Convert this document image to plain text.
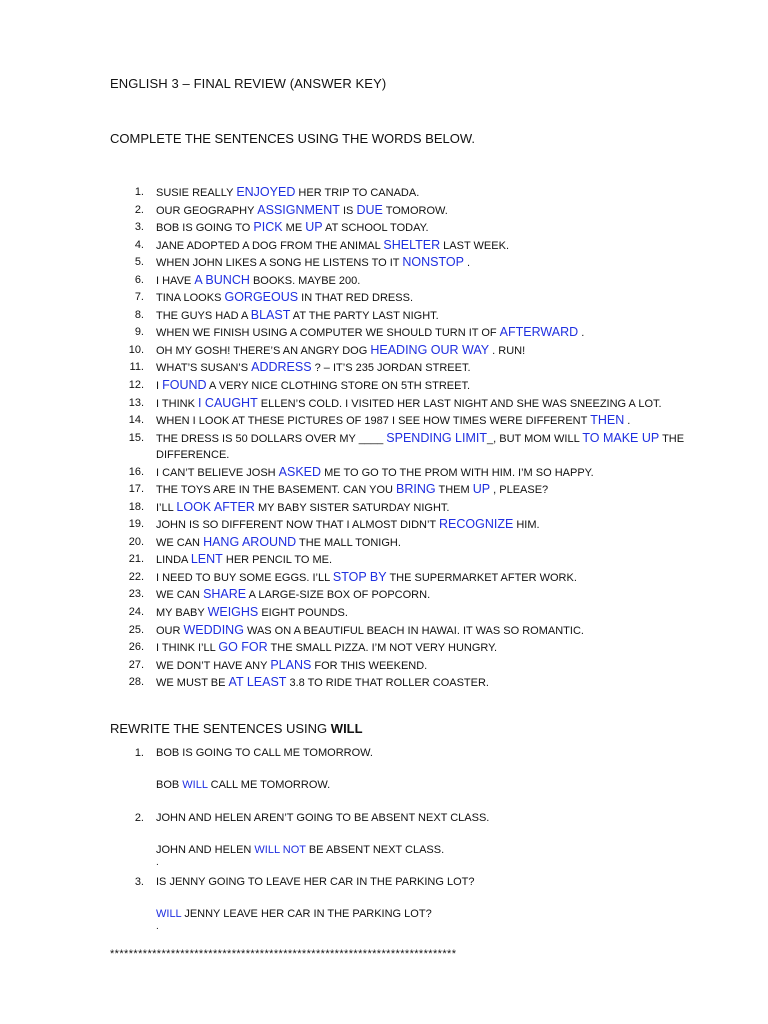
ENGLISH 3 – FINAL REVIEW (ANSWER KEY)
COMPLETE THE SENTENCES USING THE WORDS BELOW.
1. SUSIE REALLY ENJOYED HER TRIP TO CANADA.
2. OUR GEOGRAPHY ASSIGNMENT IS DUE TOMOROW.
3. BOB IS GOING TO PICK ME UP AT SCHOOL TODAY.
4. JANE ADOPTED A DOG FROM THE ANIMAL SHELTER LAST WEEK.
5. WHEN JOHN LIKES A SONG HE LISTENS TO IT NONSTOP .
6. I HAVE A BUNCH BOOKS. MAYBE 200.
7. TINA LOOKS GORGEOUS IN THAT RED DRESS.
8. THE GUYS HAD A BLAST AT THE PARTY LAST NIGHT.
9. WHEN WE FINISH USING A COMPUTER WE SHOULD TURN IT OF AFTERWARD .
10. OH MY GOSH! THERE’S AN ANGRY DOG HEADING OUR WAY . RUN!
11. WHAT’S SUSAN’S ADDRESS ? – IT’S 235 JORDAN STREET.
12. I FOUND A VERY NICE CLOTHING STORE ON 5TH STREET.
13. I THINK I CAUGHT ELLEN’S COLD. I VISITED HER LAST NIGHT AND SHE WAS SNEEZING A LOT.
14. WHEN I LOOK AT THESE PICTURES OF 1987 I SEE HOW TIMES WERE DIFFERENT THEN .
15. THE DRESS IS 50 DOLLARS OVER MY ____ SPENDING LIMIT_, BUT MOM WILL TO MAKE UP THE
DIFFERENCE.
16. I CAN’T BELIEVE JOSH ASKED ME TO GO TO THE PROM WITH HIM. I’M SO HAPPY.
17. THE TOYS ARE IN THE BASEMENT. CAN YOU BRING THEM UP , PLEASE?
18. I’LL LOOK AFTER MY BABY SISTER SATURDAY NIGHT.
19. JOHN IS SO DIFFERENT NOW THAT I ALMOST DIDN’T RECOGNIZE HIM.
20. WE CAN HANG AROUND THE MALL TONIGH.
21. LINDA LENT HER PENCIL TO ME.
22. I NEED TO BUY SOME EGGS. I’LL STOP BY THE SUPERMARKET AFTER WORK.
23. WE CAN SHARE A LARGE-SIZE BOX OF POPCORN.
24. MY BABY WEIGHS EIGHT POUNDS.
25. OUR WEDDING WAS ON A BEAUTIFUL BEACH IN HAWAI. IT WAS SO ROMANTIC.
26. I THINK I’LL GO FOR THE SMALL PIZZA. I’M NOT VERY HUNGRY.
27. WE DON’T HAVE ANY PLANS FOR THIS WEEKEND.
28. WE MUST BE AT LEAST 3.8 TO RIDE THAT ROLLER COASTER.
REWRITE THE SENTENCES USING WILL
1. BOB IS GOING TO CALL ME TOMORROW.
BOB WILL CALL ME TOMORROW.
2. JOHN AND HELEN AREN’T GOING TO BE ABSENT NEXT CLASS.
JOHN AND HELEN WILL NOT BE ABSENT NEXT CLASS.
.
3. IS JENNY GOING TO LEAVE HER CAR IN THE PARKING LOT?
WILL JENNY LEAVE HER CAR IN THE PARKING LOT?
.
**************************************************************************
